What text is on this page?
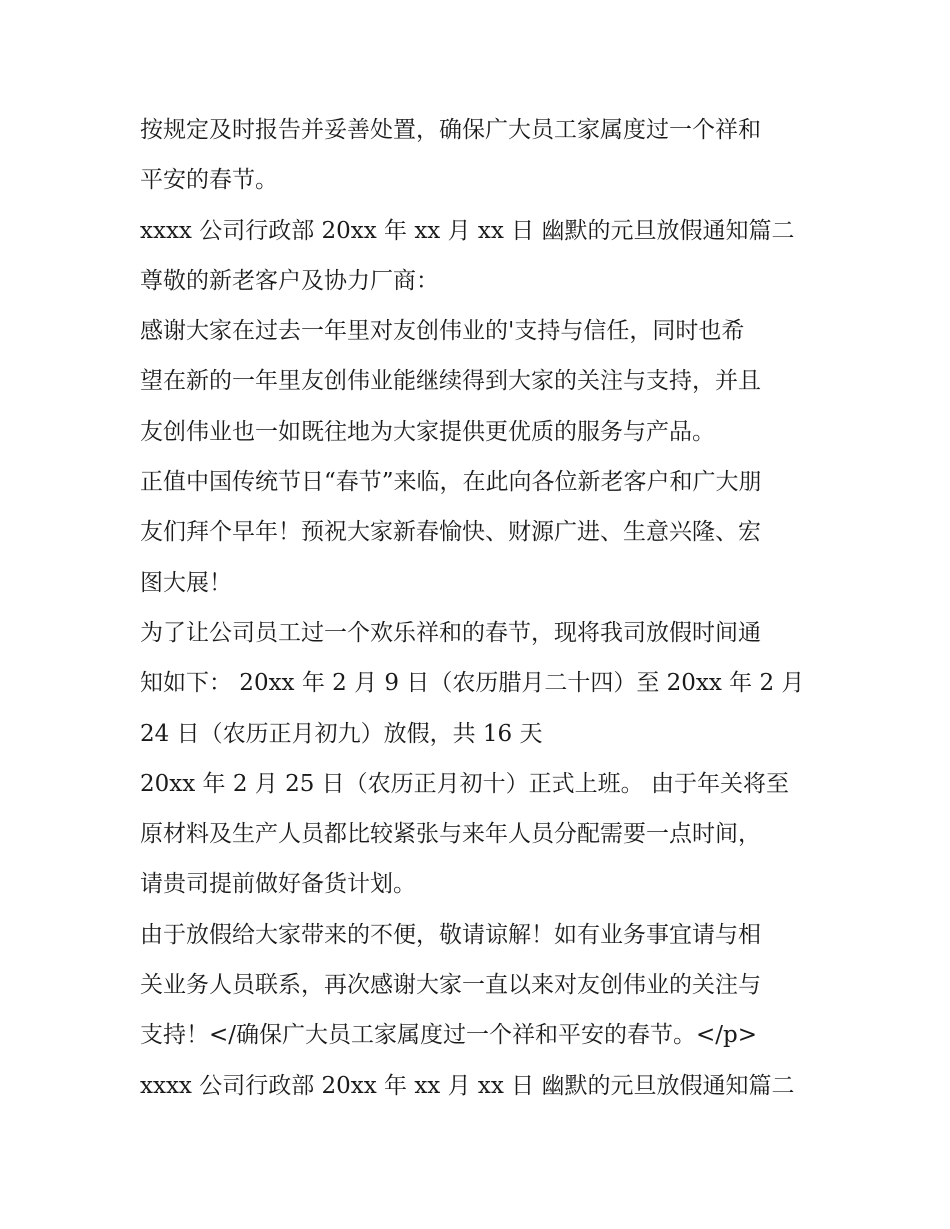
按规定及时报告并妥善处置，确保广大员工家属度过一个祥和
平安的春节。
xxxx 公司行政部 20xx 年 xx 月 xx 日 幽默的元旦放假通知篇二
尊敬的新老客户及协力厂商：
感谢大家在过去一年里对友创伟业的'支持与信任，同时也希
望在新的一年里友创伟业能继续得到大家的关注与支持，并且
友创伟业也一如既往地为大家提供更优质的服务与产品。
正值中国传统节日“春节”来临，在此向各位新老客户和广大朋
友们拜个早年！预祝大家新春愉快、财源广进、生意兴隆、宏
图大展！
为了让公司员工过一个欢乐祥和的春节，现将我司放假时间通
知如下： 20xx 年 2 月 9 日（农历腊月二十四）至 20xx 年 2 月
24 日（农历正月初九）放假，共 16 天
20xx 年 2 月 25 日（农历正月初十）正式上班。 由于年关将至
原材料及生产人员都比较紧张与来年人员分配需要一点时间，
请贵司提前做好备货计划。
由于放假给大家带来的不便，敬请谅解！如有业务事宜请与相
关业务人员联系，再次感谢大家一直以来对友创伟业的关注与
支持！</确保广大员工家属度过一个祥和平安的春节。</p>
xxxx 公司行政部 20xx 年 xx 月 xx 日 幽默的元旦放假通知篇二
